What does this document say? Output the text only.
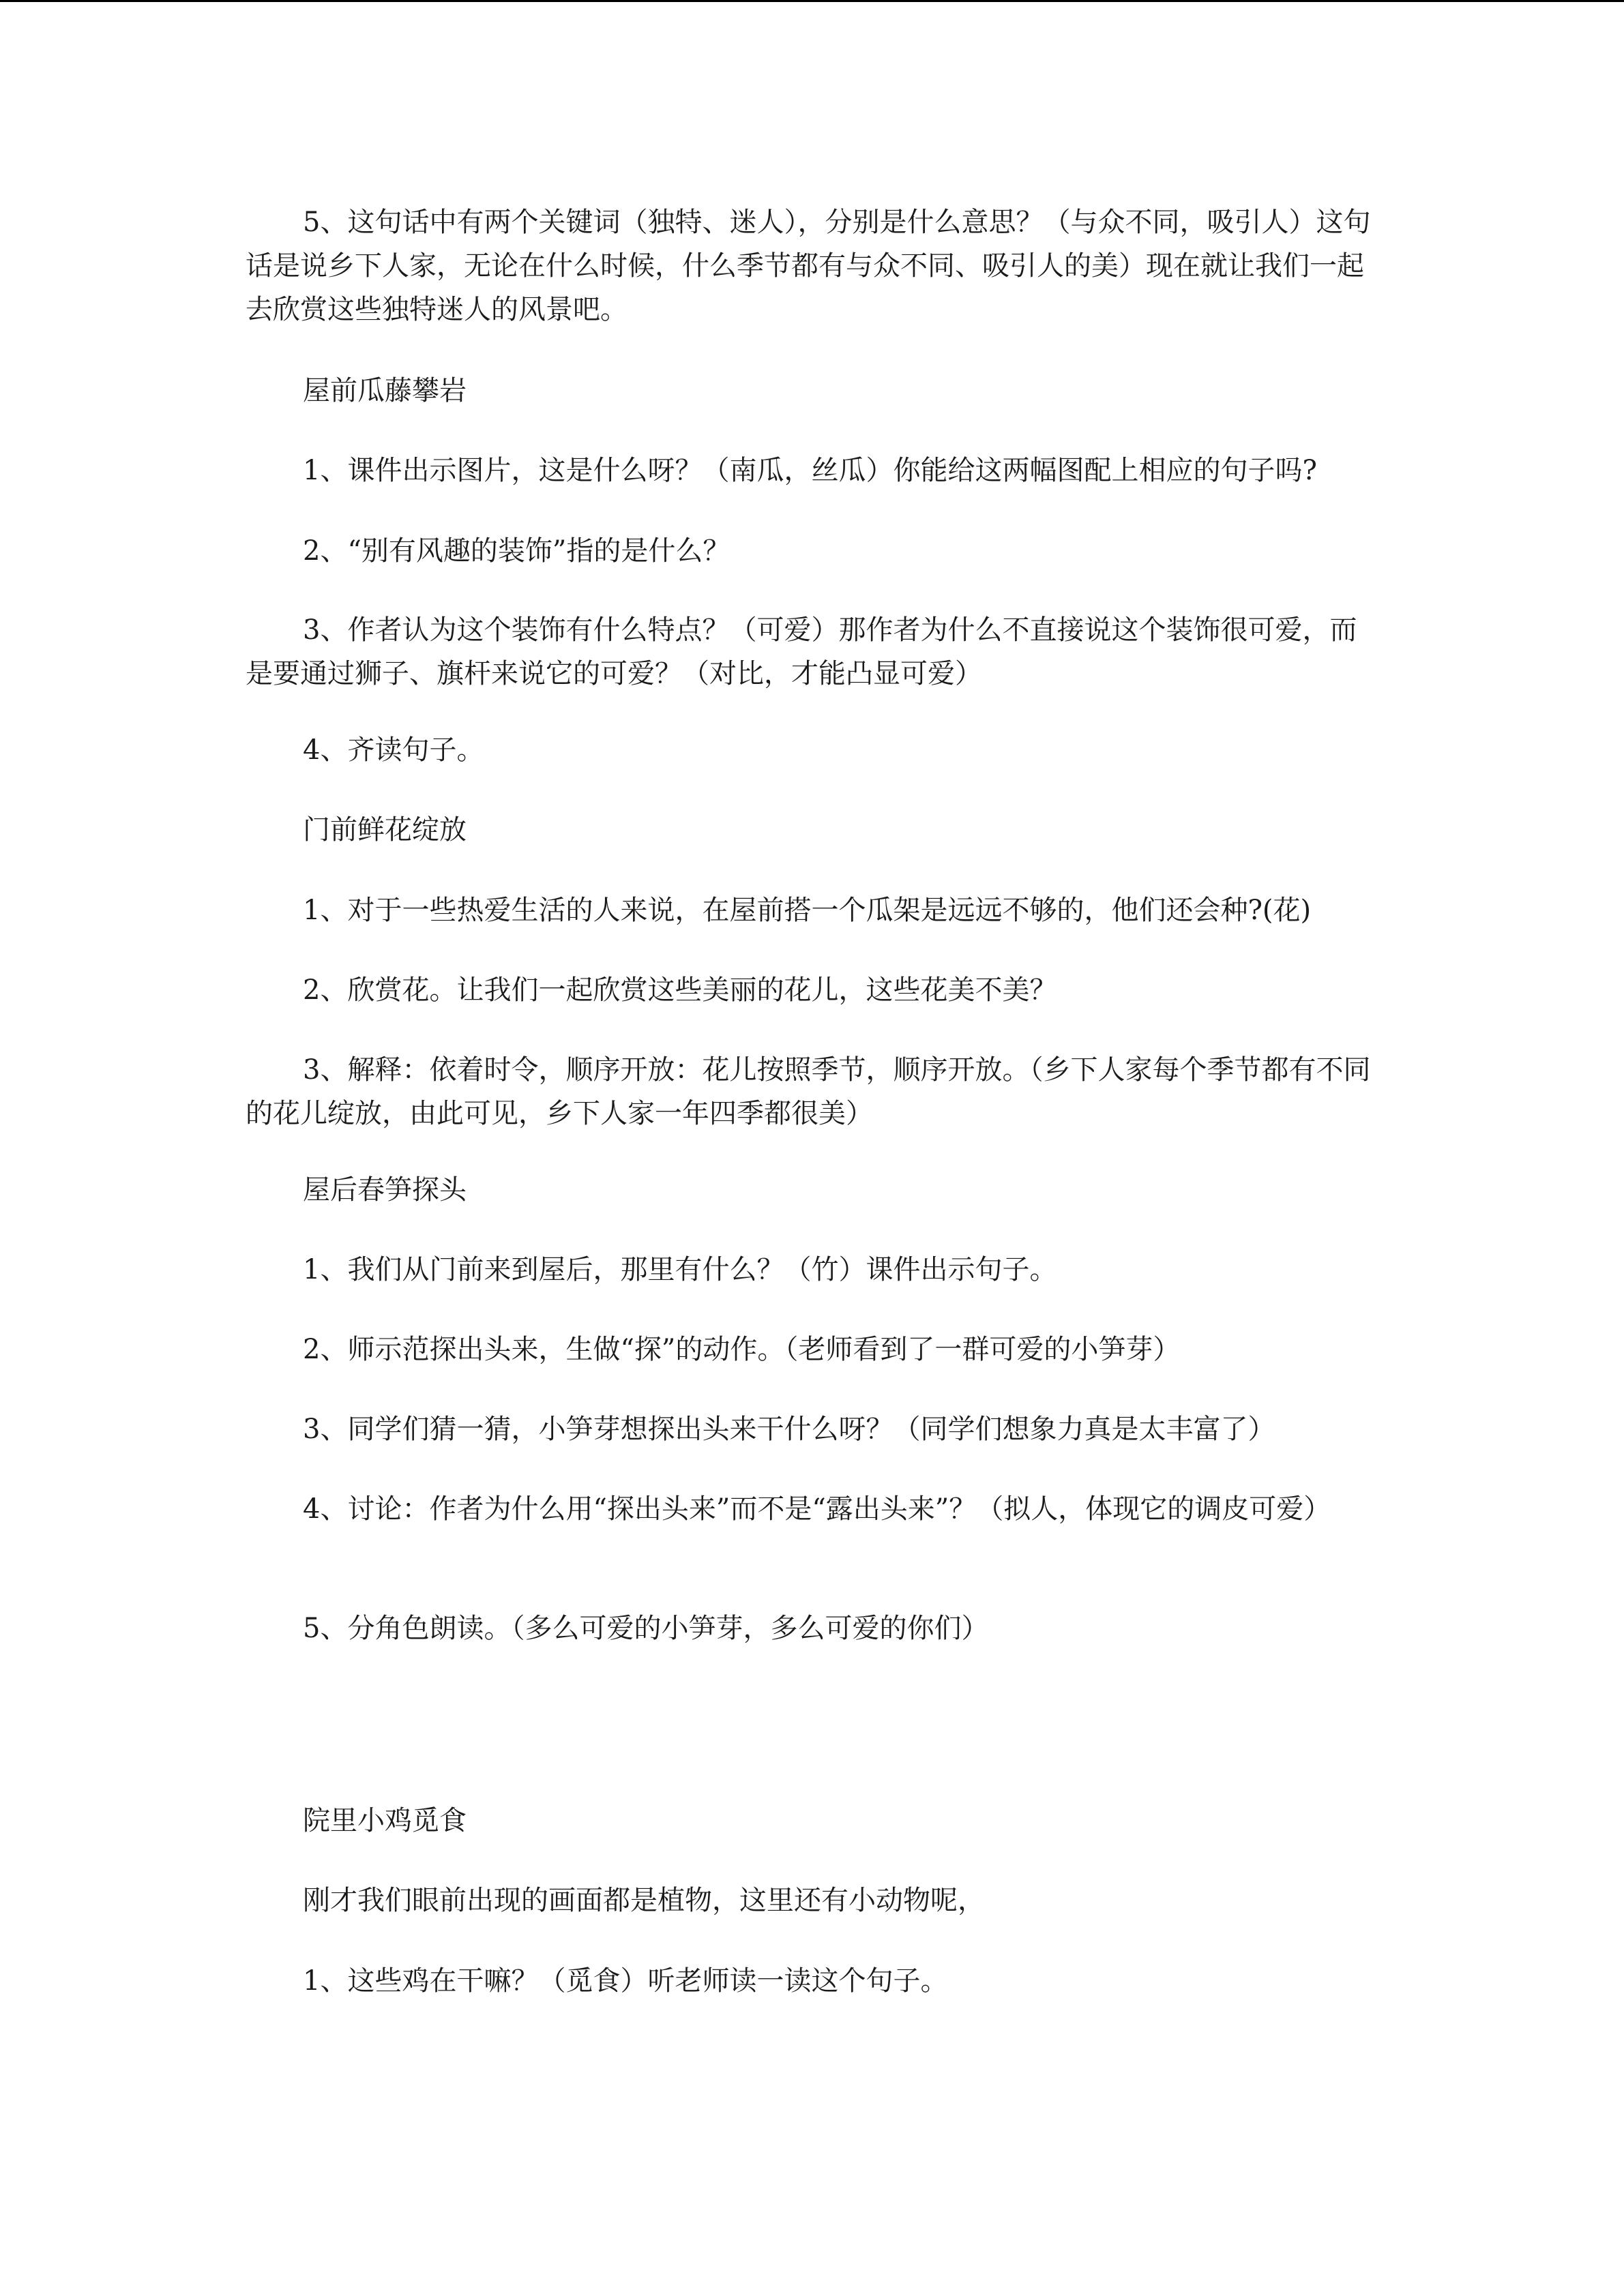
5、这句话中有两个关键词（独特、迷人），分别是什么意思？（与众不同，吸引人）这句话是说乡下人家，无论在什么时候，什么季节都有与众不同、吸引人的美）现在就让我们一起去欣赏这些独特迷人的风景吧。

屋前瓜藤攀岩

1、课件出示图片，这是什么呀？（南瓜，丝瓜）你能给这两幅图配上相应的句子吗?

2、“别有风趣的装饰”指的是什么？

3、作者认为这个装饰有什么特点？（可爱）那作者为什么不直接说这个装饰很可爱，而是要通过狮子、旗杆来说它的可爱？（对比，才能凸显可爱）

4、齐读句子。

门前鲜花绽放

1、对于一些热爱生活的人来说，在屋前搭一个瓜架是远远不够的，他们还会种?(花)

2、欣赏花。让我们一起欣赏这些美丽的花儿，这些花美不美？

3、解释：依着时令，顺序开放：花儿按照季节，顺序开放。（乡下人家每个季节都有不同的花儿绽放，由此可见，乡下人家一年四季都很美）

屋后春笋探头

1、我们从门前来到屋后，那里有什么？（竹）课件出示句子。

2、师示范探出头来，生做“探”的动作。（老师看到了一群可爱的小笋芽）

3、同学们猜一猜，小笋芽想探出头来干什么呀？（同学们想象力真是太丰富了）

4、讨论：作者为什么用“探出头来”而不是“露出头来”？（拟人，体现它的调皮可爱）

5、分角色朗读。（多么可爱的小笋芽，多么可爱的你们）

院里小鸡觅食

刚才我们眼前出现的画面都是植物，这里还有小动物呢，

1、这些鸡在干嘛？（觅食）听老师读一读这个句子。
